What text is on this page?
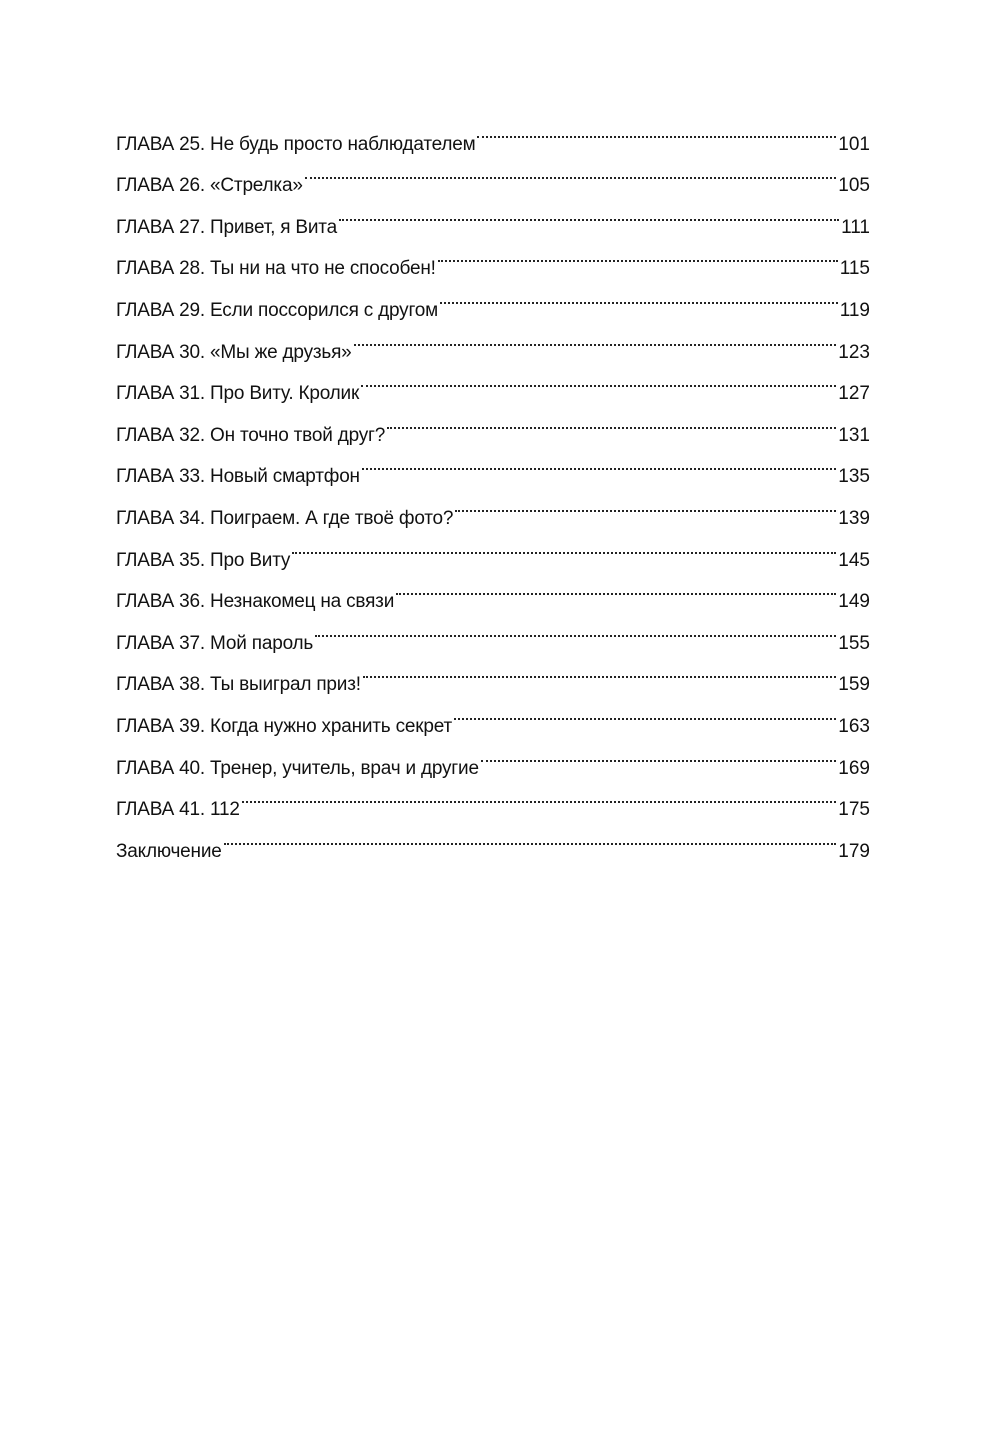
ГЛАВА 25. Не будь просто наблюдателем	101
ГЛАВА 26. «Стрелка»	105
ГЛАВА 27. Привет, я Вита	111
ГЛАВА 28. Ты ни на что не способен!	115
ГЛАВА 29. Если поссорился с другом	119
ГЛАВА 30. «Мы же друзья»	123
ГЛАВА 31. Про Виту. Кролик	127
ГЛАВА 32. Он точно твой друг?	131
ГЛАВА 33. Новый смартфон	135
ГЛАВА 34. Поиграем. А где твоё фото?	139
ГЛАВА 35. Про Виту	145
ГЛАВА 36. Незнакомец на связи	149
ГЛАВА 37. Мой пароль	155
ГЛАВА 38. Ты выиграл приз!	159
ГЛАВА 39. Когда нужно хранить секрет	163
ГЛАВА 40. Тренер, учитель, врач и другие	169
ГЛАВА 41. 112	175
Заключение	179
